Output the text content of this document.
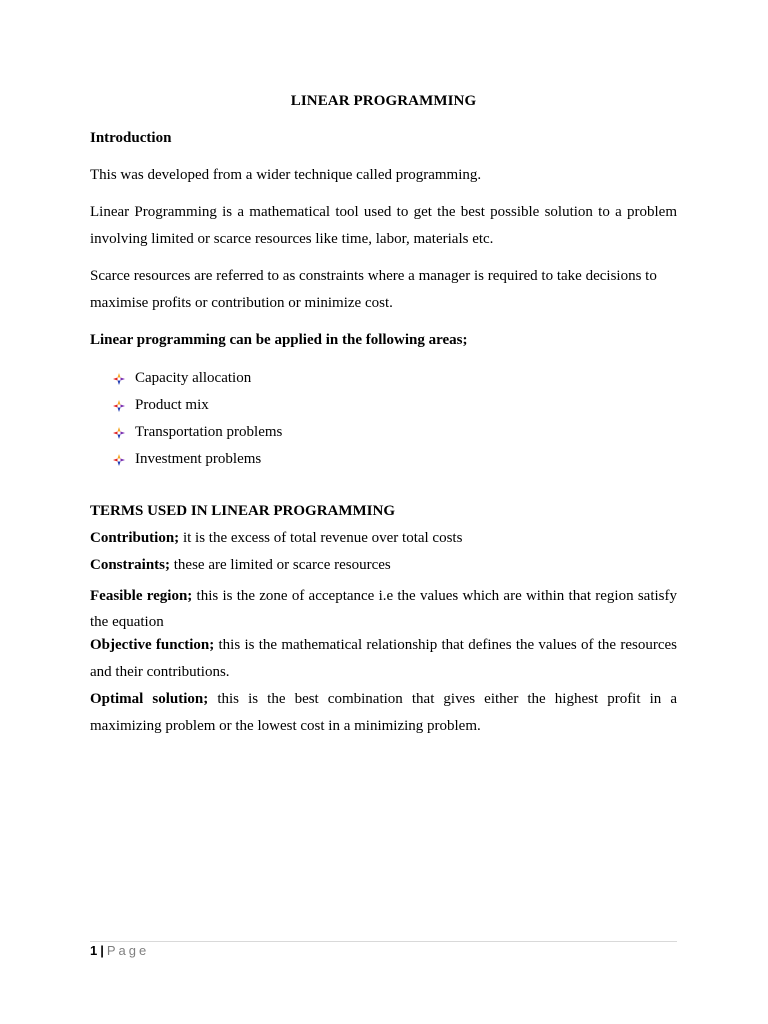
LINEAR PROGRAMMING
Introduction
This was developed from a wider technique called programming.
Linear Programming is a mathematical tool used to get the best possible solution to a problem involving limited or scarce resources like time, labor, materials etc.
Scarce resources are referred to as constraints where a manager is required to take decisions to maximise profits or contribution or minimize cost.
Linear programming can be applied in the following areas;
Capacity allocation
Product mix
Transportation problems
Investment problems
TERMS USED IN LINEAR PROGRAMMING
Contribution; it is the excess of total revenue over total costs
Constraints; these are limited or scarce resources
Feasible region; this is the zone of acceptance i.e the values which are within that region satisfy the equation
Objective function; this is the mathematical relationship that defines the values of the resources and their contributions.
Optimal solution; this is the best combination that gives either the highest profit in a maximizing problem or the lowest cost in a minimizing problem.
1 | Page
